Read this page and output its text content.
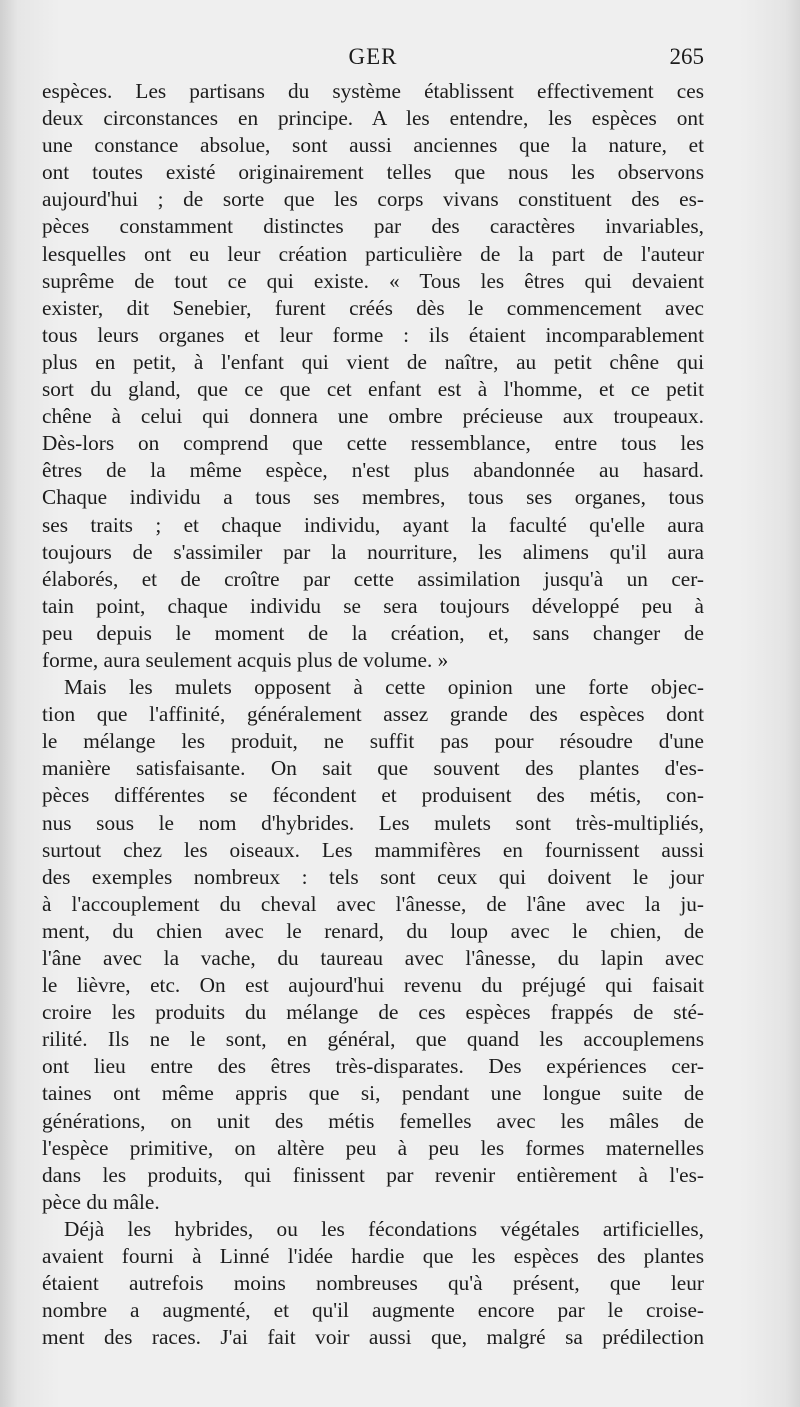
GER	265
espèces. Les partisans du système établissent effectivement ces
deux circonstances en principe. A les entendre, les espèces ont
une constance absolue, sont aussi anciennes que la nature, et
ont toutes existé originairement telles que nous les observons
aujourd'hui ; de sorte que les corps vivans constituent des es-
pèces constamment distinctes par des caractères invariables,
lesquelles ont eu leur création particulière de la part de l'auteur
suprême de tout ce qui existe. « Tous les êtres qui devaient
exister, dit Senebier, furent créés dès le commencement avec
tous leurs organes et leur forme : ils étaient incomparablement
plus en petit, à l'enfant qui vient de naître, au petit chêne qui
sort du gland, que ce que cet enfant est à l'homme, et ce petit
chêne à celui qui donnera une ombre précieuse aux troupeaux.
Dès-lors on comprend que cette ressemblance, entre tous les
êtres de la même espèce, n'est plus abandonnée au hasard.
Chaque individu a tous ses membres, tous ses organes, tous
ses traits ; et chaque individu, ayant la faculté qu'elle aura
toujours de s'assimiler par la nourriture, les alimens qu'il aura
élaborés, et de croître par cette assimilation jusqu'à un cer-
tain point, chaque individu se sera toujours développé peu à
peu depuis le moment de la création, et, sans changer de
forme, aura seulement acquis plus de volume. »
Mais les mulets opposent à cette opinion une forte objec-
tion que l'affinité, généralement assez grande des espèces dont
le mélange les produit, ne suffit pas pour résoudre d'une
manière satisfaisante. On sait que souvent des plantes d'es-
pèces différentes se fécondent et produisent des métis, con-
nus sous le nom d'hybrides. Les mulets sont très-multipliés,
surtout chez les oiseaux. Les mammifères en fournissent aussi
des exemples nombreux : tels sont ceux qui doivent le jour
à l'accouplement du cheval avec l'ânesse, de l'âne avec la ju-
ment, du chien avec le renard, du loup avec le chien, de
l'âne avec la vache, du taureau avec l'ânesse, du lapin avec
le lièvre, etc. On est aujourd'hui revenu du préjugé qui faisait
croire les produits du mélange de ces espèces frappés de sté-
rilité. Ils ne le sont, en général, que quand les accouplemens
ont lieu entre des êtres très-disparates. Des expériences cer-
taines ont même appris que si, pendant une longue suite de
générations, on unit des métis femelles avec les mâles de
l'espèce primitive, on altère peu à peu les formes maternelles
dans les produits, qui finissent par revenir entièrement à l'es-
pèce du mâle.
Déjà les hybrides, ou les fécondations végétales artificielles,
avaient fourni à Linné l'idée hardie que les espèces des plantes
étaient autrefois moins nombreuses qu'à présent, que leur
nombre a augmenté, et qu'il augmente encore par le croise-
ment des races. J'ai fait voir aussi que, malgré sa prédilection
